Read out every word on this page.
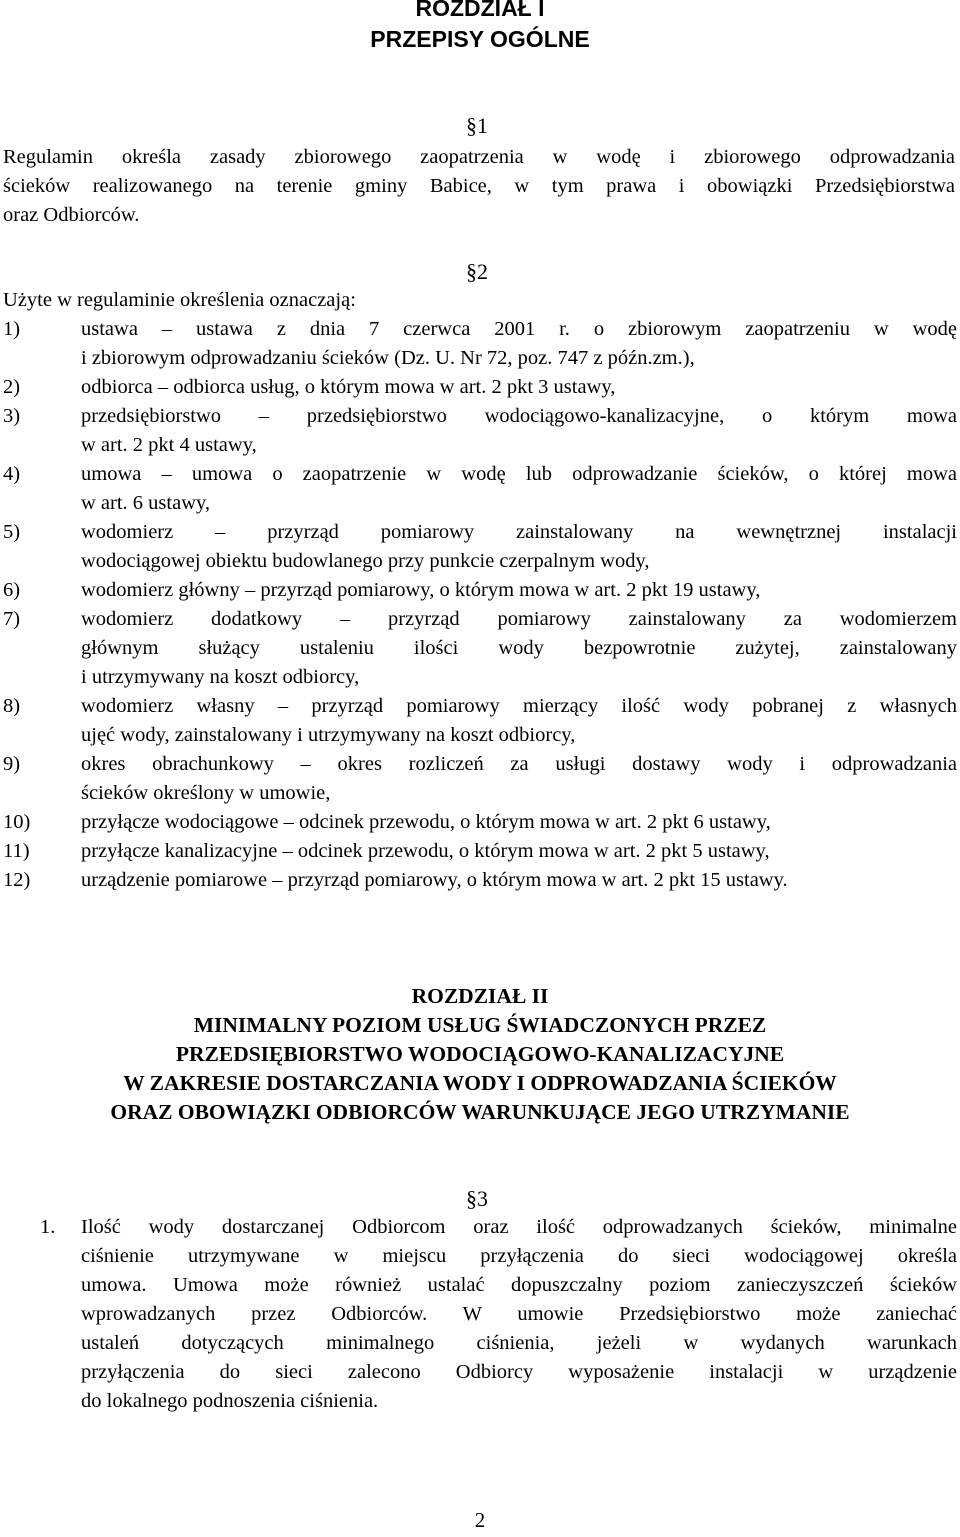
ROZDZIAŁ I
PRZEPISY OGÓLNE
§1
Regulamin określa zasady zbiorowego zaopatrzenia w wodę i zbiorowego odprowadzania
ścieków realizowanego na terenie gminy Babice, w tym prawa i obowiązki Przedsiębiorstwa
oraz Odbiorców.
§2
Użyte w regulaminie określenia oznaczają:
1)	ustawa – ustawa z dnia 7 czerwca 2001 r. o zbiorowym zaopatrzeniu w wodę
i zbiorowym odprowadzaniu ścieków (Dz. U. Nr 72, poz. 747 z późn.zm.),
2)	odbiorca – odbiorca usług, o którym mowa w art. 2 pkt 3 ustawy,
3)	przedsiębiorstwo – przedsiębiorstwo wodociągowo-kanalizacyjne, o którym mowa
w art. 2 pkt 4 ustawy,
4)	umowa – umowa o zaopatrzenie w wodę lub odprowadzanie ścieków, o której mowa
w art. 6 ustawy,
5)	wodomierz – przyrząd pomiarowy zainstalowany na wewnętrznej instalacji
wodociągowej obiektu budowlanego przy punkcie czerpalnym wody,
6)	wodomierz główny – przyrząd pomiarowy, o którym mowa w art. 2 pkt 19 ustawy,
7)	wodomierz dodatkowy – przyrząd pomiarowy zainstalowany za wodomierzem
głównym służący ustaleniu ilości wody bezpowrotnie zużytej, zainstalowany
i utrzymywany na koszt odbiorcy,
8)	wodomierz własny – przyrząd pomiarowy mierzący ilość wody pobranej z własnych
ujęć wody, zainstalowany i utrzymywany na koszt odbiorcy,
9)	okres obrachunkowy – okres rozliczeń za usługi dostawy wody i odprowadzania
ścieków określony w umowie,
10) przyłącze wodociągowe – odcinek przewodu, o którym mowa w art. 2 pkt 6 ustawy,
11)	przyłącze kanalizacyjne – odcinek przewodu, o którym mowa w art. 2 pkt 5 ustawy,
12) urządzenie pomiarowe – przyrząd pomiarowy, o którym mowa w art. 2 pkt 15 ustawy.
ROZDZIAŁ II
MINIMALNY POZIOM USŁUG ŚWIADCZONYCH PRZEZ
PRZEDSIĘBIORSTWO WODOCIĄGOWO-KANALIZACYJNE
W ZAKRESIE DOSTARCZANIA WODY I ODPROWADZANIA ŚCIEKÓW
ORAZ OBOWIĄZKI ODBIORCÓW WARUNKUJĄCE JEGO UTRZYMANIE
§3
1. Ilość wody dostarczanej Odbiorcom oraz ilość odprowadzanych ścieków, minimalne
ciśnienie utrzymywane w miejscu przyłączenia do sieci wodociągowej określa
umowa. Umowa może również ustalać dopuszczalny poziom zanieczyszczeń ścieków
wprowadzanych przez Odbiorców. W umowie Przedsiębiorstwo może zaniechać
ustaleń dotyczących minimalnego ciśnienia, jeżeli w wydanych warunkach
przyłączenia do sieci zalecono Odbiorcy wyposażenie instalacji w urządzenie
do lokalnego podnoszenia ciśnienia.
2
